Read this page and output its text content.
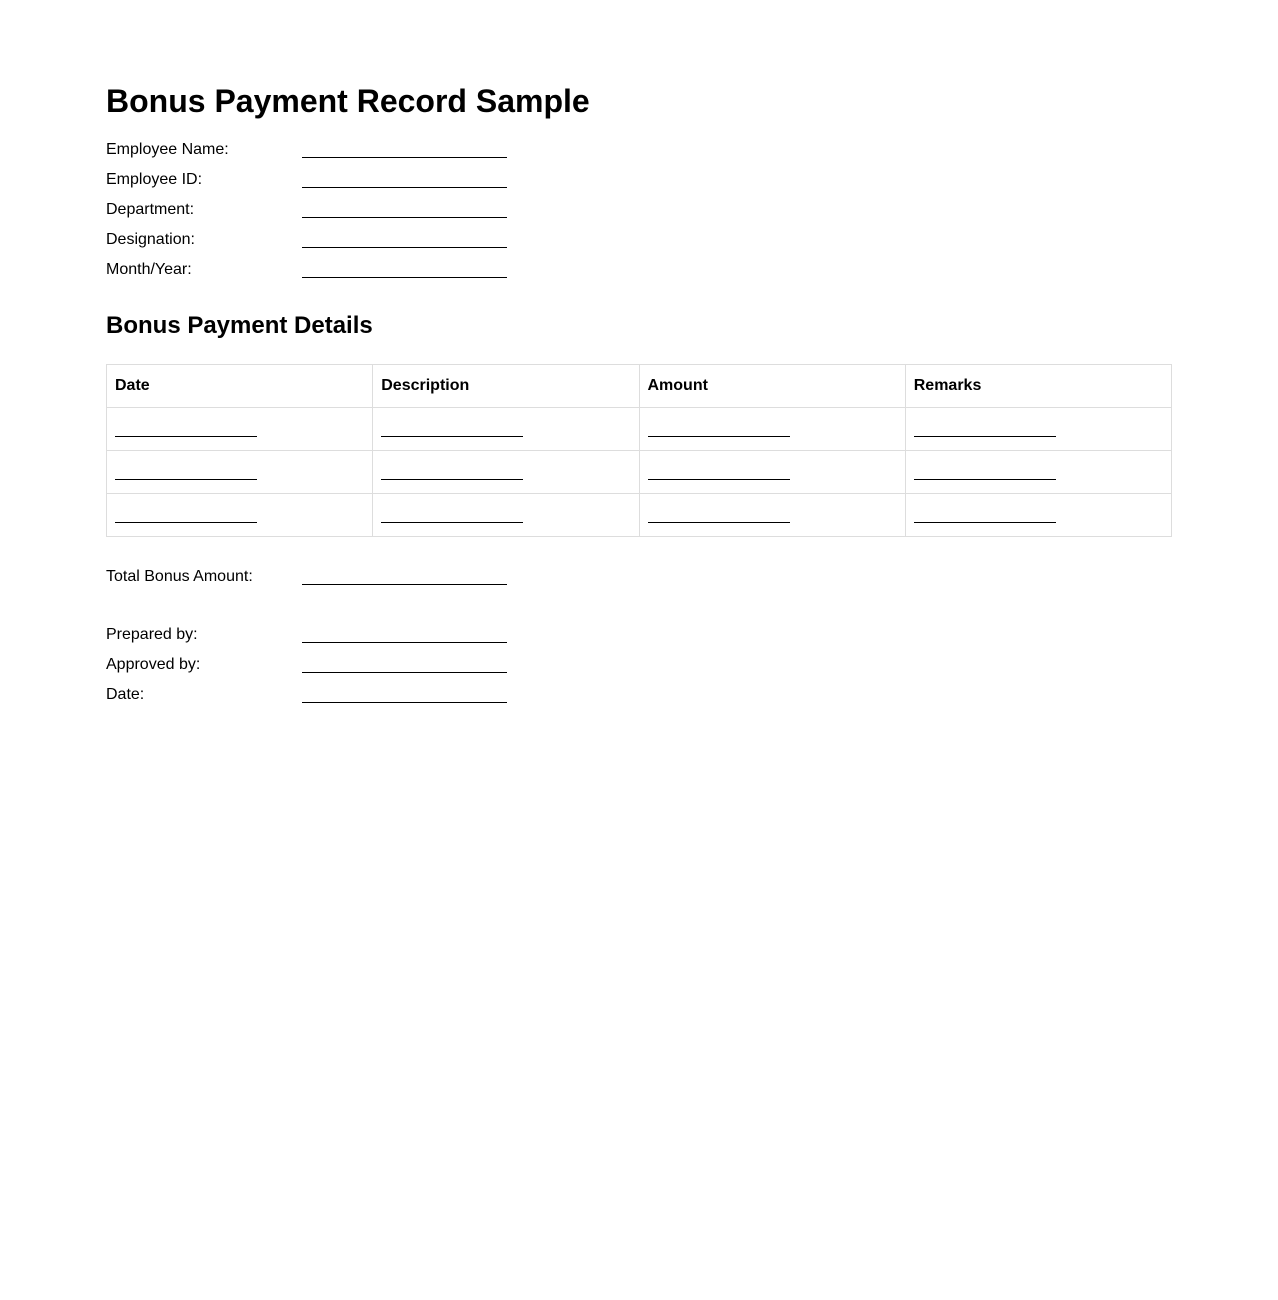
Bonus Payment Record Sample
Employee Name:
Employee ID:
Department:
Designation:
Month/Year:
Bonus Payment Details
Date	Description	Amount	Remarks

Total Bonus Amount:
Prepared by:
Approved by:
Date:
